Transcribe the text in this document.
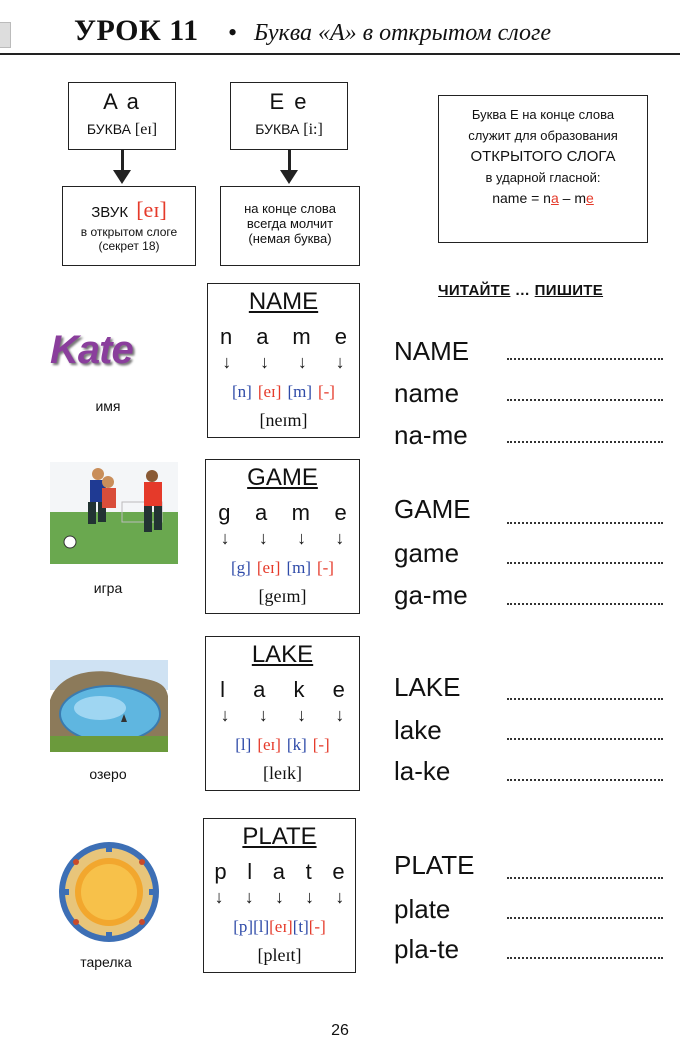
УРОК 11 • Буква «А» в открытом слоге
A a
БУКВА [eɪ]
ЗВУК [eɪ]
в открытом слоге
(секрет 18)
E e
БУКВА [i:]
на конце слова
всегда молчит
(немая буква)
Буква Е на конце слова
служит для образования
ОТКРЫТОГО СЛОГА
в ударной гласной:
name = na – me
ЧИТАЙТЕ … ПИШИТЕ
Kate
имя
NAME
n a m e
↓ ↓ ↓ ↓
[n] [eɪ] [m] [-]
[neɪm]
NAME
name
na-me
игра
GAME
g a m e
↓ ↓ ↓ ↓
[g] [eɪ] [m] [-]
[geɪm]
GAME
game
ga-me
озеро
LAKE
l a k e
↓ ↓ ↓ ↓
[l] [eɪ] [k] [-]
[leɪk]
LAKE
lake
la-ke
тарелка
PLATE
p l a t e
↓ ↓ ↓ ↓ ↓
[p] [l] [eɪ] [t] [-]
[pleɪt]
PLATE
plate
pla-te
26
